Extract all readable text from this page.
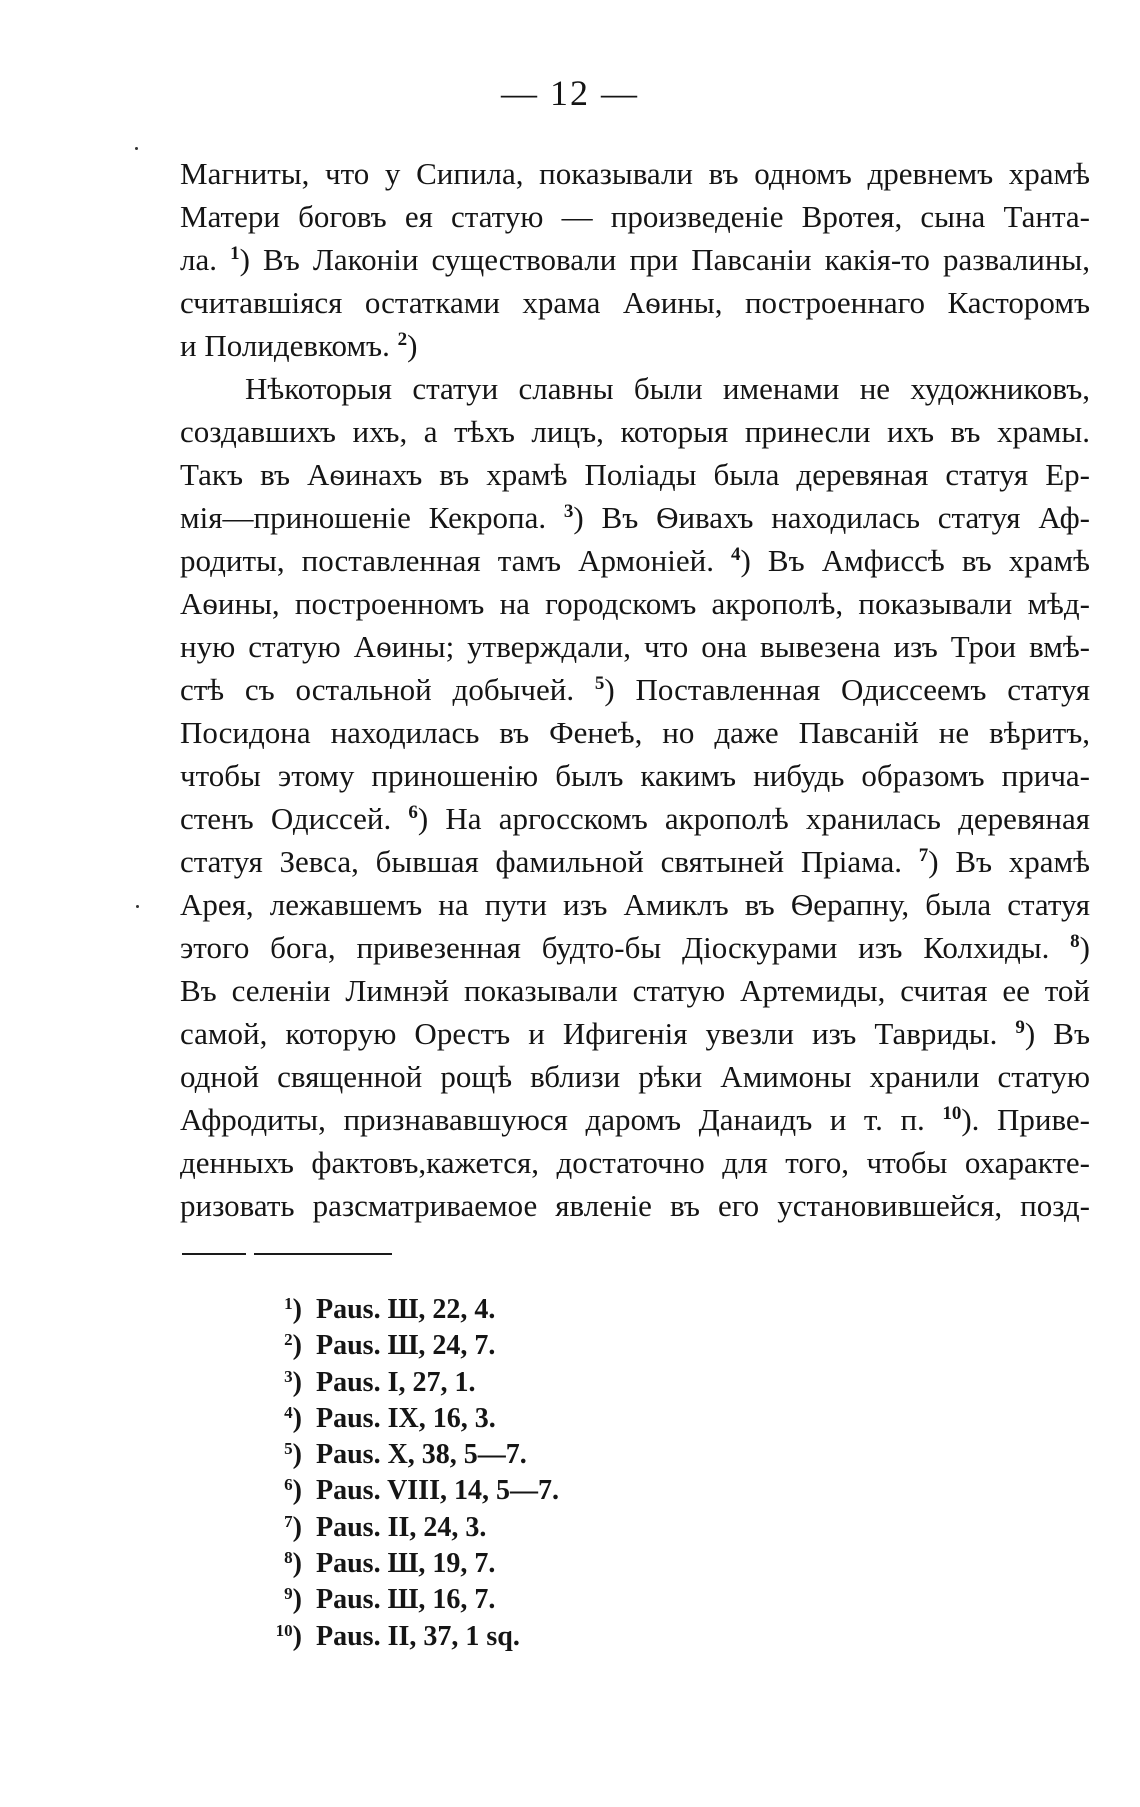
— 12 —
Магниты, что у Сипила, показывали въ одномъ древнемъ храмѣ
Матери боговъ ея статую — произведеніе Вротея, сына Танта-
ла. $^1$) Въ Лаконіи существовали при Павсаніи какія-то развалины,
считавшіяся остатками храма Аѳины, построеннаго Касторомъ
и Полидевкомъ. $^2$)
Нѣкоторыя статуи славны были именами не художниковъ,
создавшихъ ихъ, а тѣхъ лицъ, которыя принесли ихъ въ храмы.
Такъ въ Аѳинахъ въ храмѣ Поліады была деревяная статуя Ер-
мія—приношеніе Кекропа. $^3$) Въ Ѳивахъ находилась статуя Аф-
родиты, поставленная тамъ Армоніей. $^4$) Въ Амфиссѣ въ храмѣ
Аѳины, построенномъ на городскомъ акрополѣ, показывали мѣд-
ную статую Аѳины; утверждали, что она вывезена изъ Трои вмѣ-
стѣ съ остальной добычей. $^5$) Поставленная Одиссеемъ статуя
Посидона находилась въ Фенеѣ, но даже Павсаній не вѣритъ,
чтобы этому приношенію былъ какимъ нибудь образомъ прича-
стенъ Одиссей. $^6$) На аргосскомъ акрополѣ хранилась деревяная
статуя Зевса, бывшая фамильной святыней Пріама. $^7$) Въ храмѣ
Арея, лежавшемъ на пути изъ Амиклъ въ Ѳерапну, была статуя
этого бога, привезенная будто-бы Діоскурами изъ Колхиды. $^8$)
Въ селеніи Лимнэй показывали статую Артемиды, считая ее той
самой, которую Орестъ и Ифигенія увезли изъ Тавриды. $^9$) Въ
одной священной рощѣ вблизи рѣки Амимоны хранили статую
Афродиты, признававшуюся даромъ Данаидъ и т. п. $^{10}$). Приве-
денныхъ фактовъ,кажется, достаточно для того, чтобы охаракте-
ризовать разсматриваемое явленіе въ его установившейся, позд-
$^1$) Paus. Ш, 22, 4.
$^2$) Paus. Ш, 24, 7.
$^3$) Paus. I, 27, 1.
$^4$) Paus. IX, 16, 3.
$^5$) Paus. X, 38, 5—7.
$^6$) Paus. VIII, 14, 5—7.
$^7$) Paus. II, 24, 3.
$^8$) Paus. Ш, 19, 7.
$^9$) Paus. Ш, 16, 7.
$^{10}$) Paus. II, 37, 1 sq.
